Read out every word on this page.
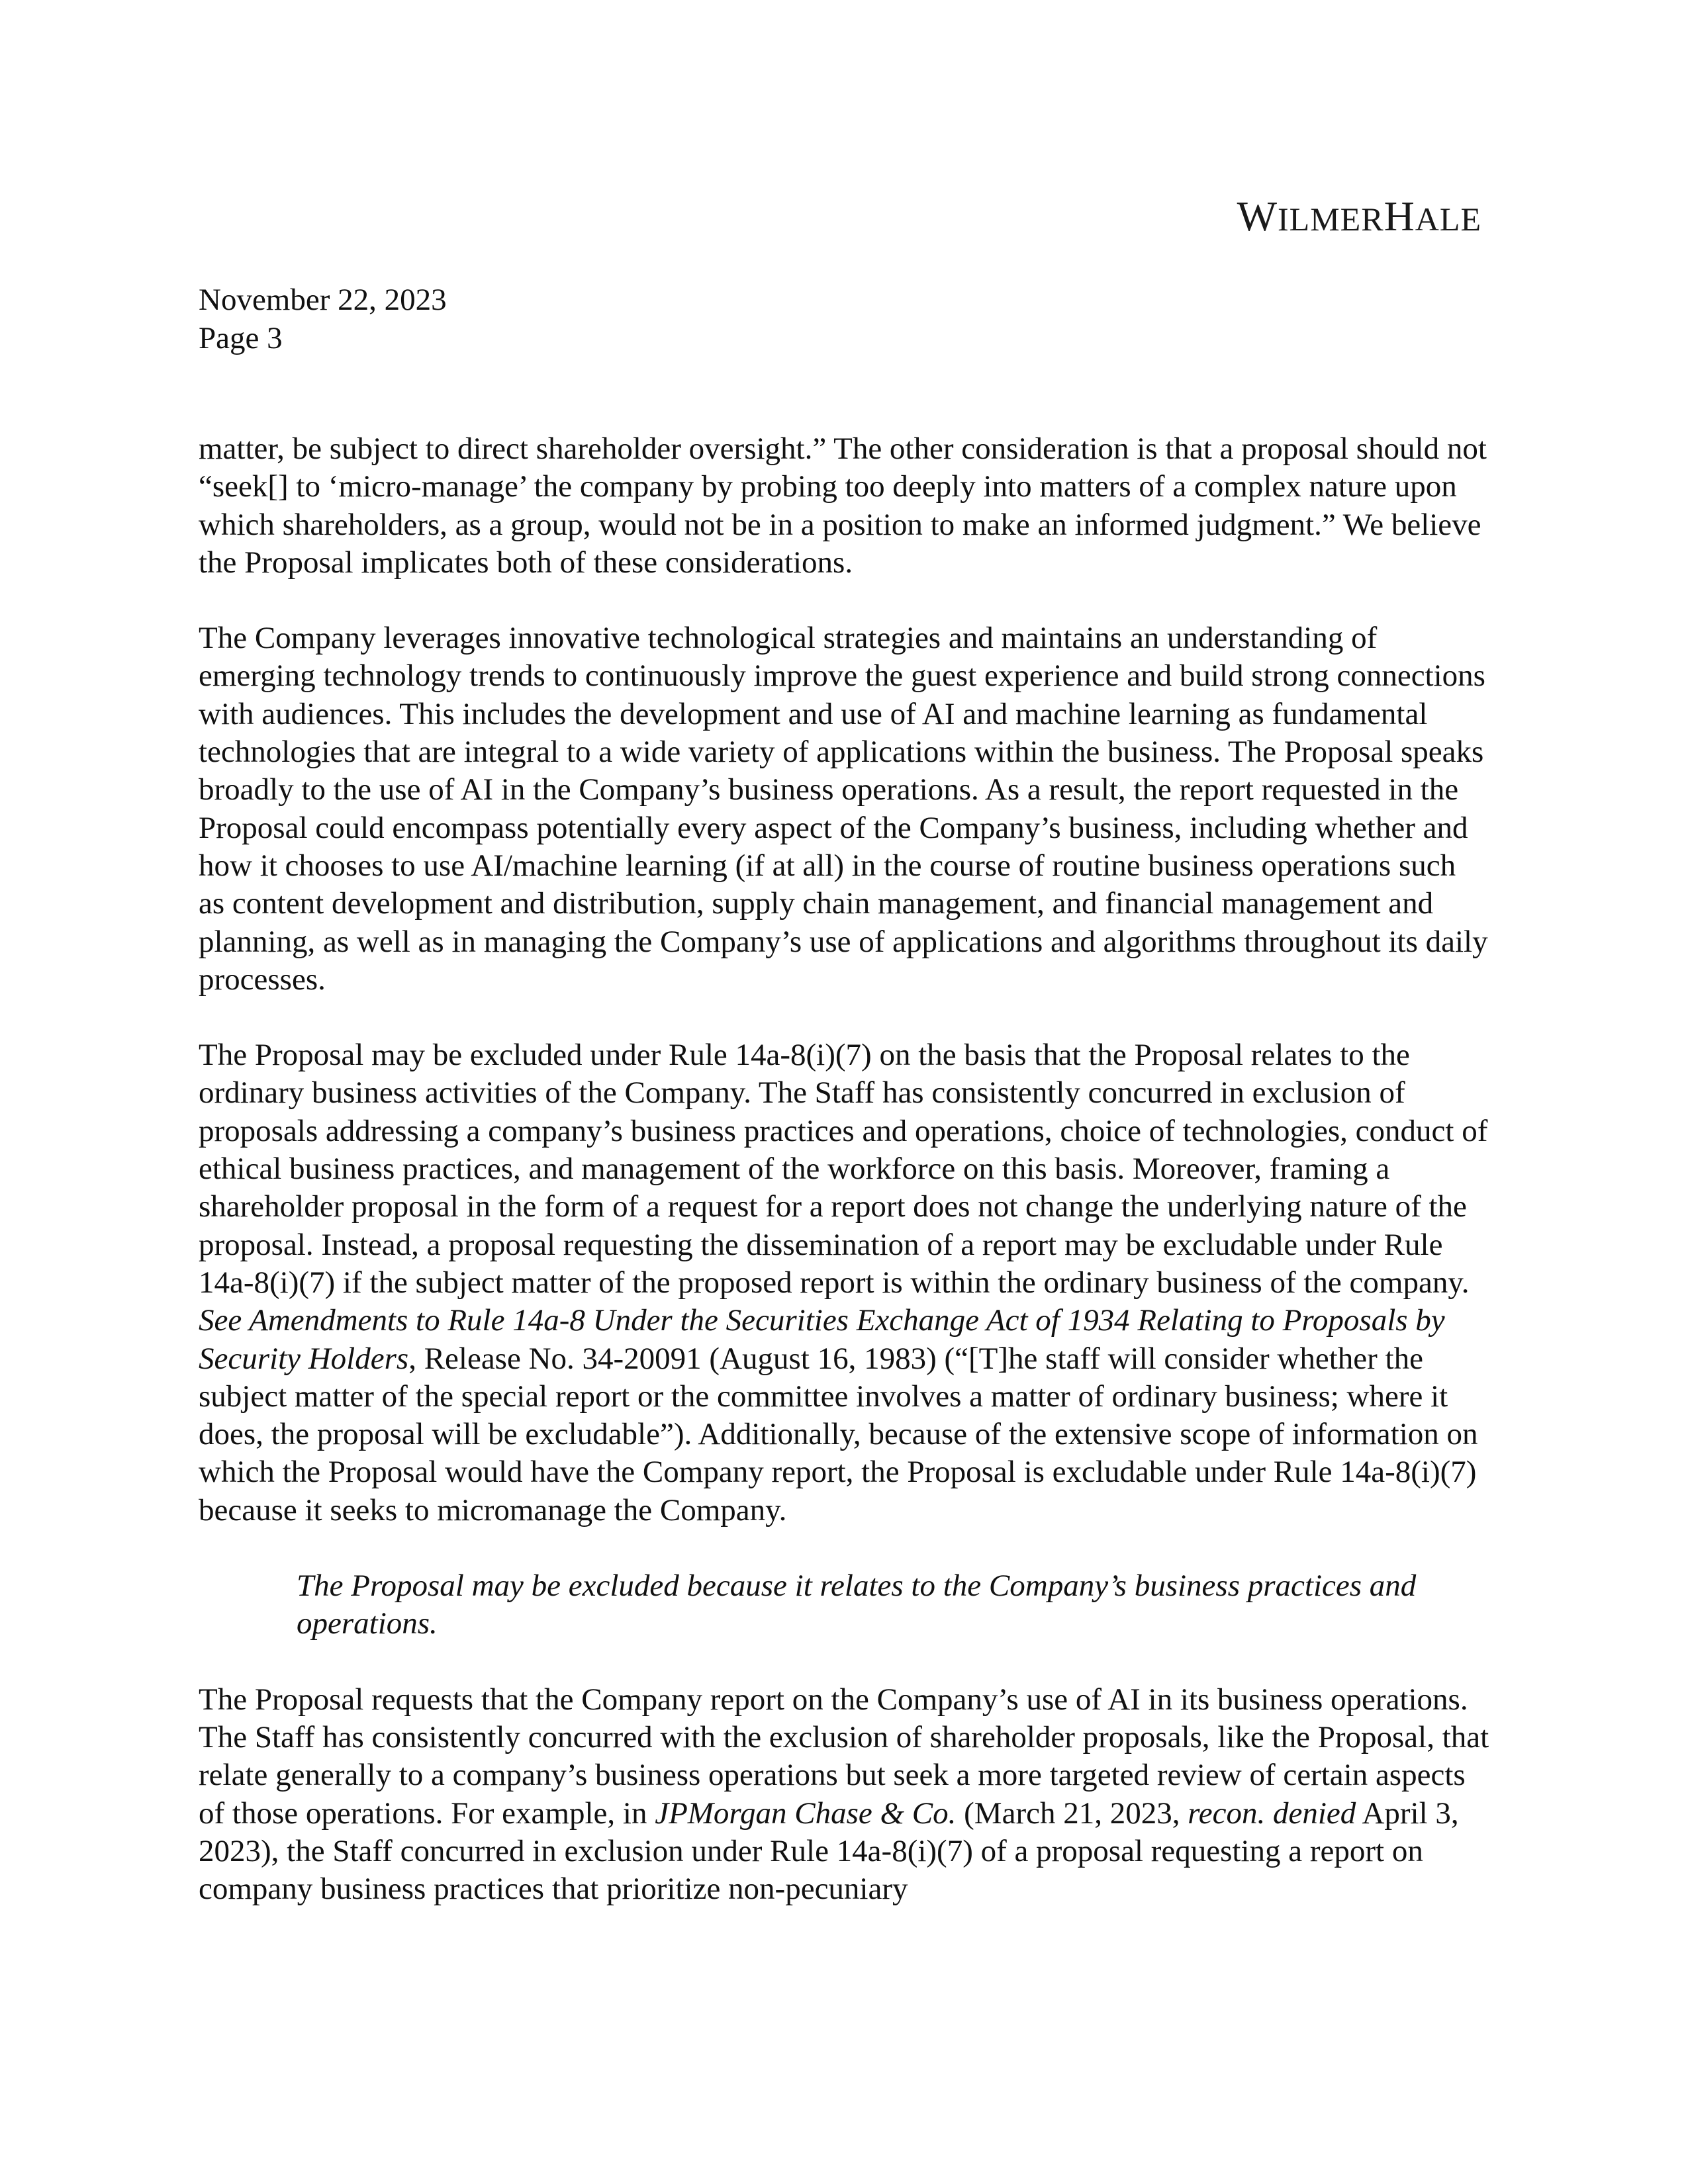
WILMERHALE
November 22, 2023
Page 3

matter, be subject to direct shareholder oversight.” The other consideration is that a proposal should not “seek[] to ‘micro-manage’ the company by probing too deeply into matters of a complex nature upon which shareholders, as a group, would not be in a position to make an informed judgment.” We believe the Proposal implicates both of these considerations.

The Company leverages innovative technological strategies and maintains an understanding of emerging technology trends to continuously improve the guest experience and build strong connections with audiences. This includes the development and use of AI and machine learning as fundamental technologies that are integral to a wide variety of applications within the business. The Proposal speaks broadly to the use of AI in the Company’s business operations. As a result, the report requested in the Proposal could encompass potentially every aspect of the Company’s business, including whether and how it chooses to use AI/machine learning (if at all) in the course of routine business operations such as content development and distribution, supply chain management, and financial management and planning, as well as in managing the Company’s use of applications and algorithms throughout its daily processes.

The Proposal may be excluded under Rule 14a-8(i)(7) on the basis that the Proposal relates to the ordinary business activities of the Company. The Staff has consistently concurred in exclusion of proposals addressing a company’s business practices and operations, choice of technologies, conduct of ethical business practices, and management of the workforce on this basis. Moreover, framing a shareholder proposal in the form of a request for a report does not change the underlying nature of the proposal. Instead, a proposal requesting the dissemination of a report may be excludable under Rule 14a-8(i)(7) if the subject matter of the proposed report is within the ordinary business of the company. See Amendments to Rule 14a-8 Under the Securities Exchange Act of 1934 Relating to Proposals by Security Holders, Release No. 34-20091 (August 16, 1983) (“[T]he staff will consider whether the subject matter of the special report or the committee involves a matter of ordinary business; where it does, the proposal will be excludable”). Additionally, because of the extensive scope of information on which the Proposal would have the Company report, the Proposal is excludable under Rule 14a-8(i)(7) because it seeks to micromanage the Company.

The Proposal may be excluded because it relates to the Company’s business practices and operations.

The Proposal requests that the Company report on the Company’s use of AI in its business operations. The Staff has consistently concurred with the exclusion of shareholder proposals, like the Proposal, that relate generally to a company’s business operations but seek a more targeted review of certain aspects of those operations. For example, in JPMorgan Chase & Co. (March 21, 2023, recon. denied April 3, 2023), the Staff concurred in exclusion under Rule 14a-8(i)(7) of a proposal requesting a report on company business practices that prioritize non-pecuniary
